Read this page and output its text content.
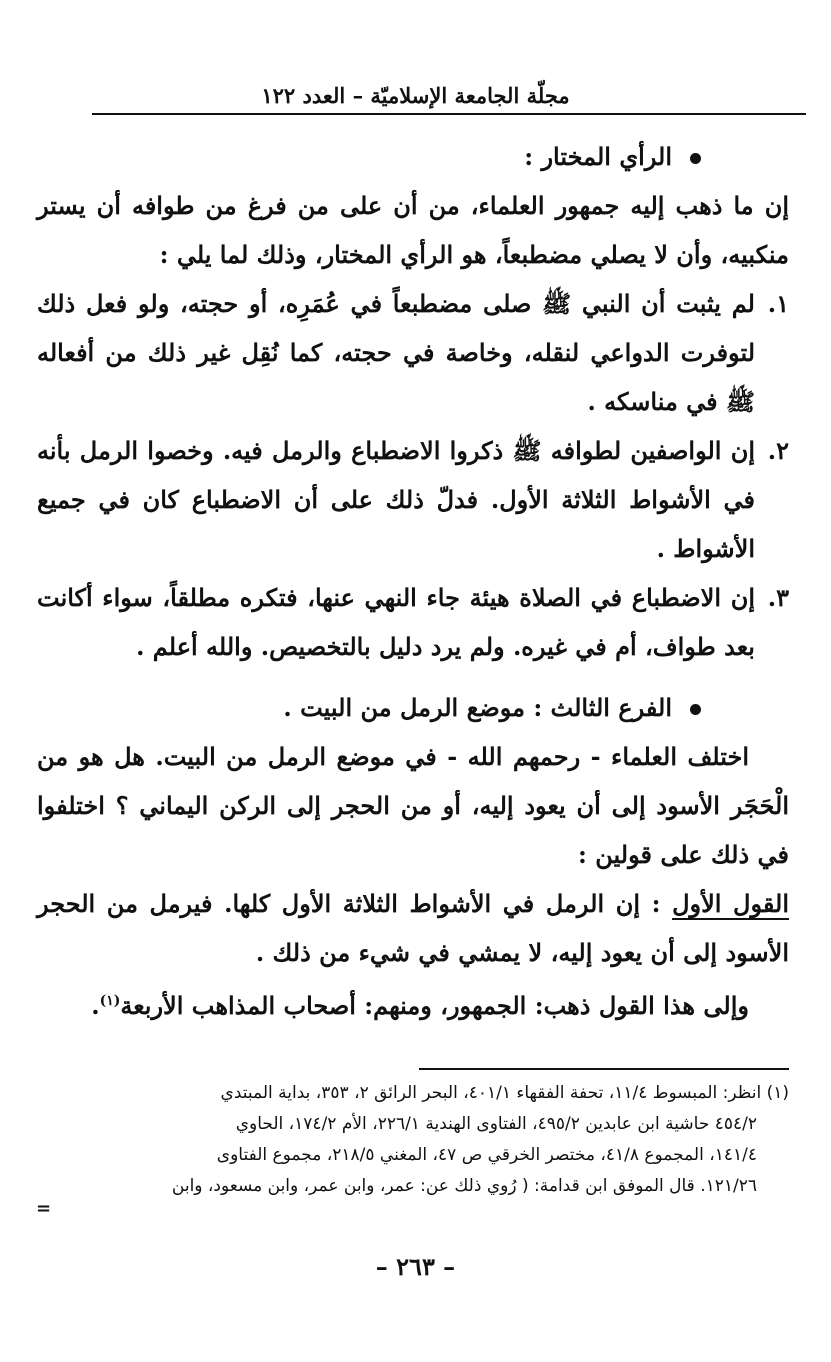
مجلّة الجامعة الإسلاميّة – العدد ١٢٢

الرأي المختار :

إن ما ذهب إليه جمهور العلماء، من أن على من فرغ من طوافه أن يستر منكبيه، وأن لا يصلي مضطبعاً، هو الرأي المختار، وذلك لما يلي :

١.
لم يثبت أن النبي ﷺ صلى مضطبعاً في عُمَرِه، أو حجته، ولو فعل ذلك لتوفرت الدواعي لنقله، وخاصة في حجته، كما نُقِل غير ذلك من أفعاله ﷺ في مناسكه .
٢.
إن الواصفين لطوافه ﷺ ذكروا الاضطباع والرمل فيه. وخصوا الرمل بأنه في الأشواط الثلاثة الأول. فدلّ ذلك على أن الاضطباع كان في جميع الأشواط .
٣.
إن الاضطباع في الصلاة هيئة جاء النهي عنها، فتكره مطلقاً، سواء أكانت بعد طواف، أم في غيره. ولم يرد دليل بالتخصيص. والله أعلم .

الفرع الثالث : موضع الرمل من البيت .

اختلف العلماء - رحمهم الله - في موضع الرمل من البيت. هل هو من الْحَجَر الأسود إلى أن يعود إليه، أو من الحجر إلى الركن اليماني ؟ اختلفوا في ذلك على قولين :

القول الأول : إن الرمل في الأشواط الثلاثة الأول كلها. فيرمل من الحجر الأسود إلى أن يعود إليه، لا يمشي في شيء من ذلك .

وإلى هذا القول ذهب: الجمهور، ومنهم: أصحاب المذاهب الأربعة$^{(١)}$.

(١) انظر: المبسوط ١١/٤، تحفة الفقهاء ٤٠١/١، البحر الرائق ٢، ٣٥٣، بداية المبتدي

٤٥٤/٢ حاشية ابن عابدين ٤٩٥/٢، الفتاوى الهندية ٢٢٦/١، الأم ١٧٤/٢، الحاوي

١٤١/٤، المجموع ٤١/٨، مختصر الخرقي ص ٤٧، المغني ٢١٨/٥، مجموع الفتاوى

١٢١/٢٦. قال الموفق ابن قدامة: ( رُوي ذلك عن: عمر، وابن عمر، وابن مسعود، وابن

=
– ٢٦٣ –
